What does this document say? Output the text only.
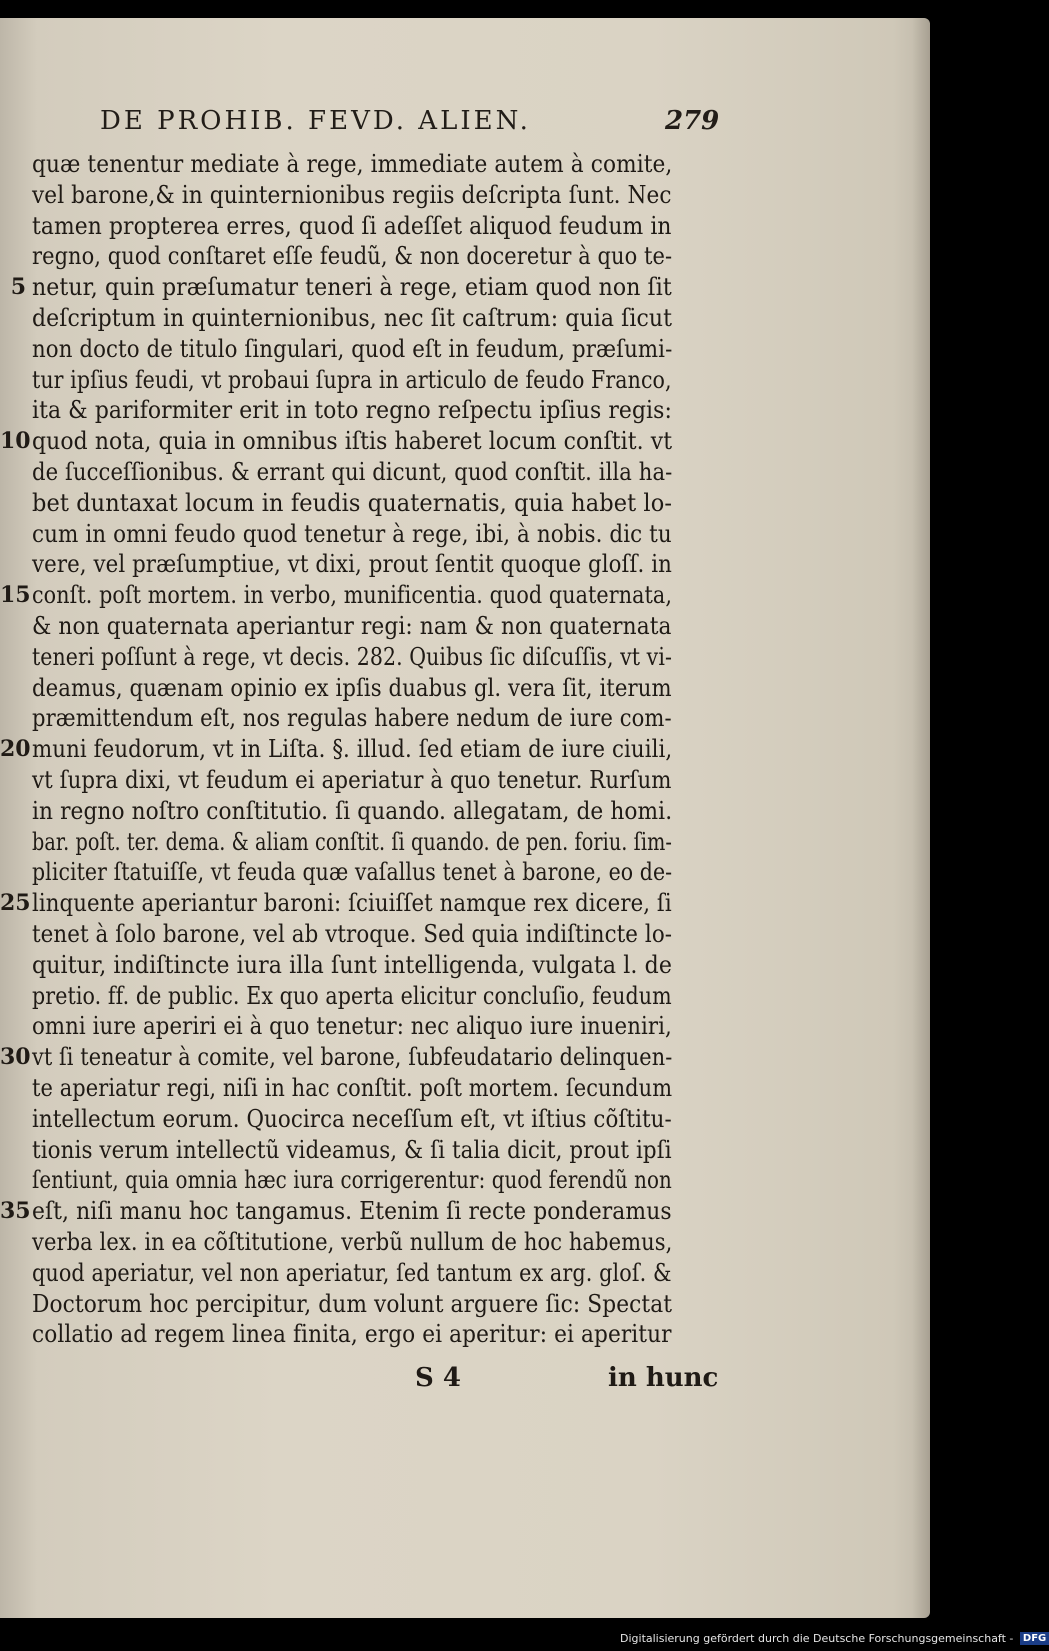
DE PROHIB. FEVD. ALIEN.	279
quæ tenentur mediate à rege, immediate autem à comite,
vel barone,& in quinternionibus regiis deſcripta ſunt. Nec
tamen propterea erres, quod ſi adeſſet aliquod feudum in
regno, quod conſtaret eſſe feudũ, & non doceretur à quo te-
5 netur, quin præſumatur teneri à rege, etiam quod non ſit
deſcriptum in quinternionibus, nec ſit caſtrum: quia ſicut
non docto de titulo ſingulari, quod eſt in feudum, præſumi-
tur ipſius feudi, vt probaui ſupra in articulo de feudo Franco,
ita & pariformiter erit in toto regno reſpectu ipſius regis:
10 quod nota, quia in omnibus iſtis haberet locum conſtit. vt
de ſucceſſionibus. & errant qui dicunt, quod conſtit. illa ha-
bet duntaxat locum in feudis quaternatis, quia habet lo-
cum in omni feudo quod tenetur à rege, ibi, à nobis. dic tu
vere, vel præſumptiue, vt dixi, prout ſentit quoque gloſſ. in
15 conſt. poſt mortem. in verbo, munificentia. quod quaternata,
& non quaternata aperiantur regi: nam & non quaternata
teneri poſſunt à rege, vt decis. 282. Quibus ſic diſcuſſis, vt vi-
deamus, quænam opinio ex ipſis duabus gl. vera ſit, iterum
præmittendum eſt, nos regulas habere nedum de iure com-
20 muni feudorum, vt in Liſta. §. illud. ſed etiam de iure ciuili,
vt ſupra dixi, vt feudum ei aperiatur à quo tenetur. Rurſum
in regno noſtro conſtitutio. ſi quando. allegatam, de homi.
bar. poſt. ter. dema. & aliam conſtit. ſi quando. de pen. foriu. ſim-
pliciter ſtatuiſſe, vt feuda quæ vaſallus tenet à barone, eo de-
25 linquente aperiantur baroni: ſciuiſſet namque rex dicere, ſi
tenet à ſolo barone, vel ab vtroque. Sed quia indiſtincte lo-
quitur, indiſtincte iura illa ſunt intelligenda, vulgata l. de
pretio. ff. de public. Ex quo aperta elicitur concluſio, feudum
omni iure aperiri ei à quo tenetur: nec aliquo iure inueniri,
30 vt ſi teneatur à comite, vel barone, ſubfeudatario delinquen-
te aperiatur regi, niſi in hac conſtit. poſt mortem. ſecundum
intellectum eorum. Quocirca neceſſum eſt, vt iſtius cõſtitu-
tionis verum intellectũ videamus, & ſi talia dicit, prout ipſi
ſentiunt, quia omnia hæc iura corrigerentur: quod ferendũ non
35 eſt, niſi manu hoc tangamus. Etenim ſi recte ponderamus
verba lex. in ea cõſtitutione, verbũ nullum de hoc habemus,
quod aperiatur, vel non aperiatur, ſed tantum ex arg. gloſ. &
Doctorum hoc percipitur, dum volunt arguere ſic: Spectat
collatio ad regem linea finita, ergo ei aperitur: ei aperitur
S 4	in hunc
Digitalisierung gefördert durch die Deutsche Forschungsgemeinschaft - DFG
